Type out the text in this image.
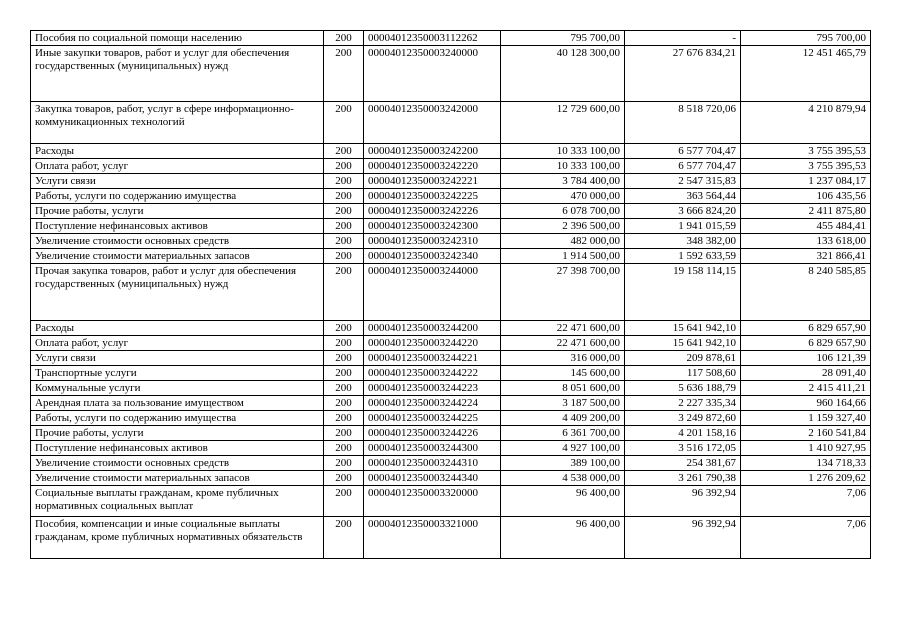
Пособия по социальной помощи населению	200	00004012350003112262	795 700,00	-	795 700,00
Иные закупки товаров, работ и услуг для обеспечения государственных (муниципальных) нужд	200	00004012350003240000	40 128 300,00	27 676 834,21	12 451 465,79
Закупка товаров, работ, услуг в сфере информационно-коммуникационных технологий	200	00004012350003242000	12 729 600,00	8 518 720,06	4 210 879,94
Расходы	200	00004012350003242200	10 333 100,00	6 577 704,47	3 755 395,53
Оплата работ, услуг	200	00004012350003242220	10 333 100,00	6 577 704,47	3 755 395,53
Услуги связи	200	00004012350003242221	3 784 400,00	2 547 315,83	1 237 084,17
Работы, услуги по содержанию имущества	200	00004012350003242225	470 000,00	363 564,44	106 435,56
Прочие работы, услуги	200	00004012350003242226	6 078 700,00	3 666 824,20	2 411 875,80
Поступление нефинансовых активов	200	00004012350003242300	2 396 500,00	1 941 015,59	455 484,41
Увеличение стоимости основных средств	200	00004012350003242310	482 000,00	348 382,00	133 618,00
Увеличение стоимости материальных запасов	200	00004012350003242340	1 914 500,00	1 592 633,59	321 866,41
Прочая закупка товаров, работ и услуг для обеспечения государственных (муниципальных) нужд	200	00004012350003244000	27 398 700,00	19 158 114,15	8 240 585,85
Расходы	200	00004012350003244200	22 471 600,00	15 641 942,10	6 829 657,90
Оплата работ, услуг	200	00004012350003244220	22 471 600,00	15 641 942,10	6 829 657,90
Услуги связи	200	00004012350003244221	316 000,00	209 878,61	106 121,39
Транспортные услуги	200	00004012350003244222	145 600,00	117 508,60	28 091,40
Коммунальные услуги	200	00004012350003244223	8 051 600,00	5 636 188,79	2 415 411,21
Арендная плата за пользование имуществом	200	00004012350003244224	3 187 500,00	2 227 335,34	960 164,66
Работы, услуги по содержанию имущества	200	00004012350003244225	4 409 200,00	3 249 872,60	1 159 327,40
Прочие работы, услуги	200	00004012350003244226	6 361 700,00	4 201 158,16	2 160 541,84
Поступление нефинансовых активов	200	00004012350003244300	4 927 100,00	3 516 172,05	1 410 927,95
Увеличение стоимости основных средств	200	00004012350003244310	389 100,00	254 381,67	134 718,33
Увеличение стоимости материальных запасов	200	00004012350003244340	4 538 000,00	3 261 790,38	1 276 209,62
Социальные выплаты гражданам, кроме публичных нормативных социальных выплат	200	00004012350003320000	96 400,00	96 392,94	7,06
Пособия, компенсации и иные социальные выплаты гражданам, кроме публичных нормативных обязательств	200	00004012350003321000	96 400,00	96 392,94	7,06
